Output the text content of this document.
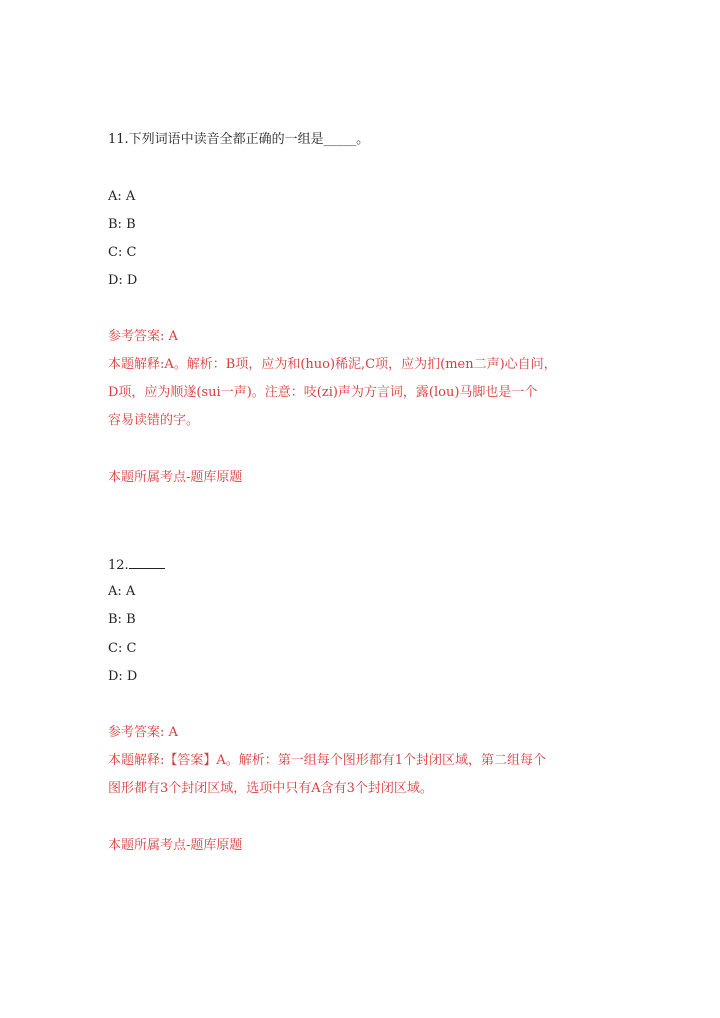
11.下列词语中读音全都正确的一组是_____。
A: A
B: B
C: C
D: D
参考答案: A
本题解释:A。解析：B项，应为和(huo)稀泥,C项，应为扪(men二声)心自问，
D项，应为顺遂(sui一声)。注意：吱(zi)声为方言词，露(lou)马脚也是一个
容易读错的字。
本题所属考点-题库原题
12.
A: A
B: B
C: C
D: D
参考答案: A
本题解释:【答案】A。解析：第一组每个图形都有1个封闭区域，第二组每个
图形都有3个封闭区域，选项中只有A含有3个封闭区域。
本题所属考点-题库原题
